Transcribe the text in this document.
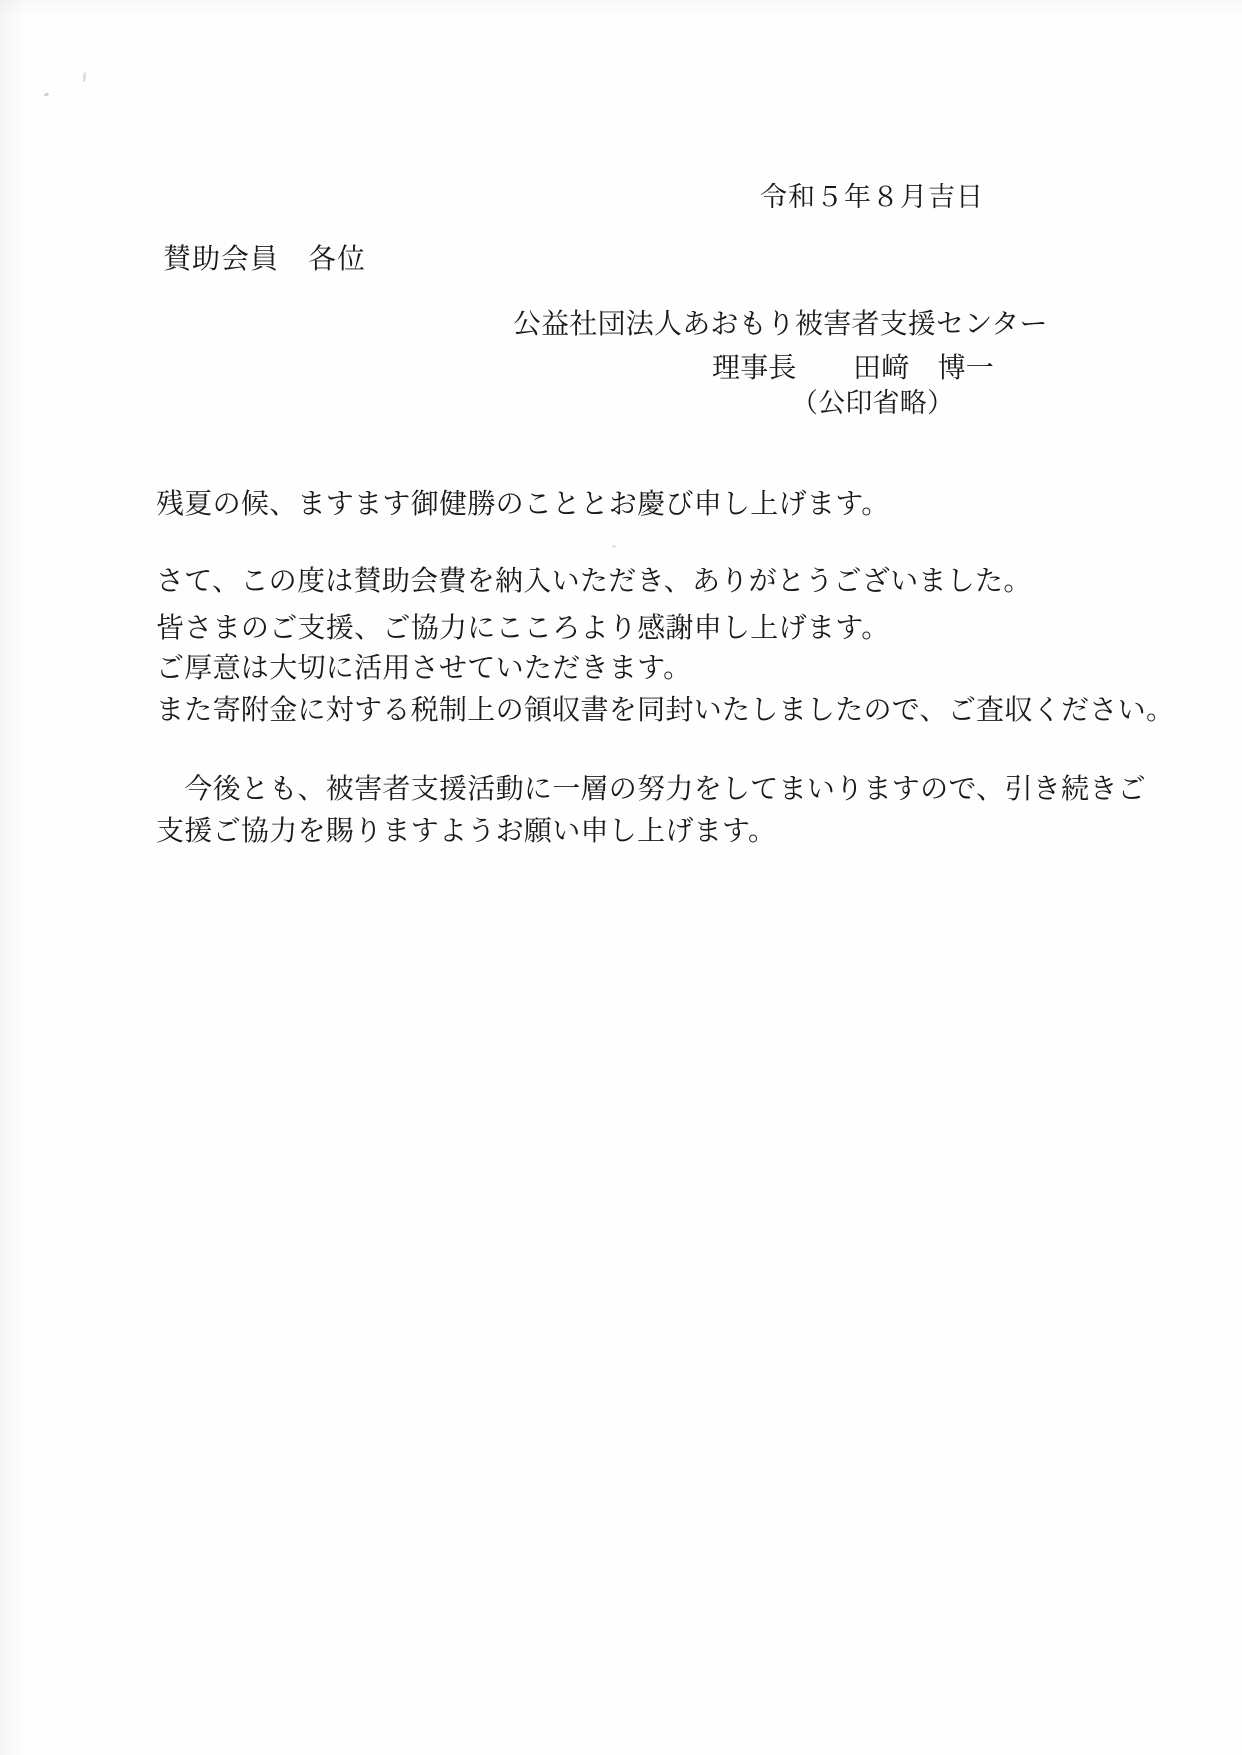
令和５年８月吉日
賛助会員　各位
公益社団法人あおもり被害者支援センター
理事長　　田﨑　博一
（公印省略）
残夏の候、ますます御健勝のこととお慶び申し上げます。
さて、この度は賛助会費を納入いただき、ありがとうございました。
皆さまのご支援、ご協力にこころより感謝申し上げます。
ご厚意は大切に活用させていただきます。
また寄附金に対する税制上の領収書を同封いたしましたので、ご査収ください。
　今後とも、被害者支援活動に一層の努力をしてまいりますので、引き続きご
支援ご協力を賜りますようお願い申し上げます。
